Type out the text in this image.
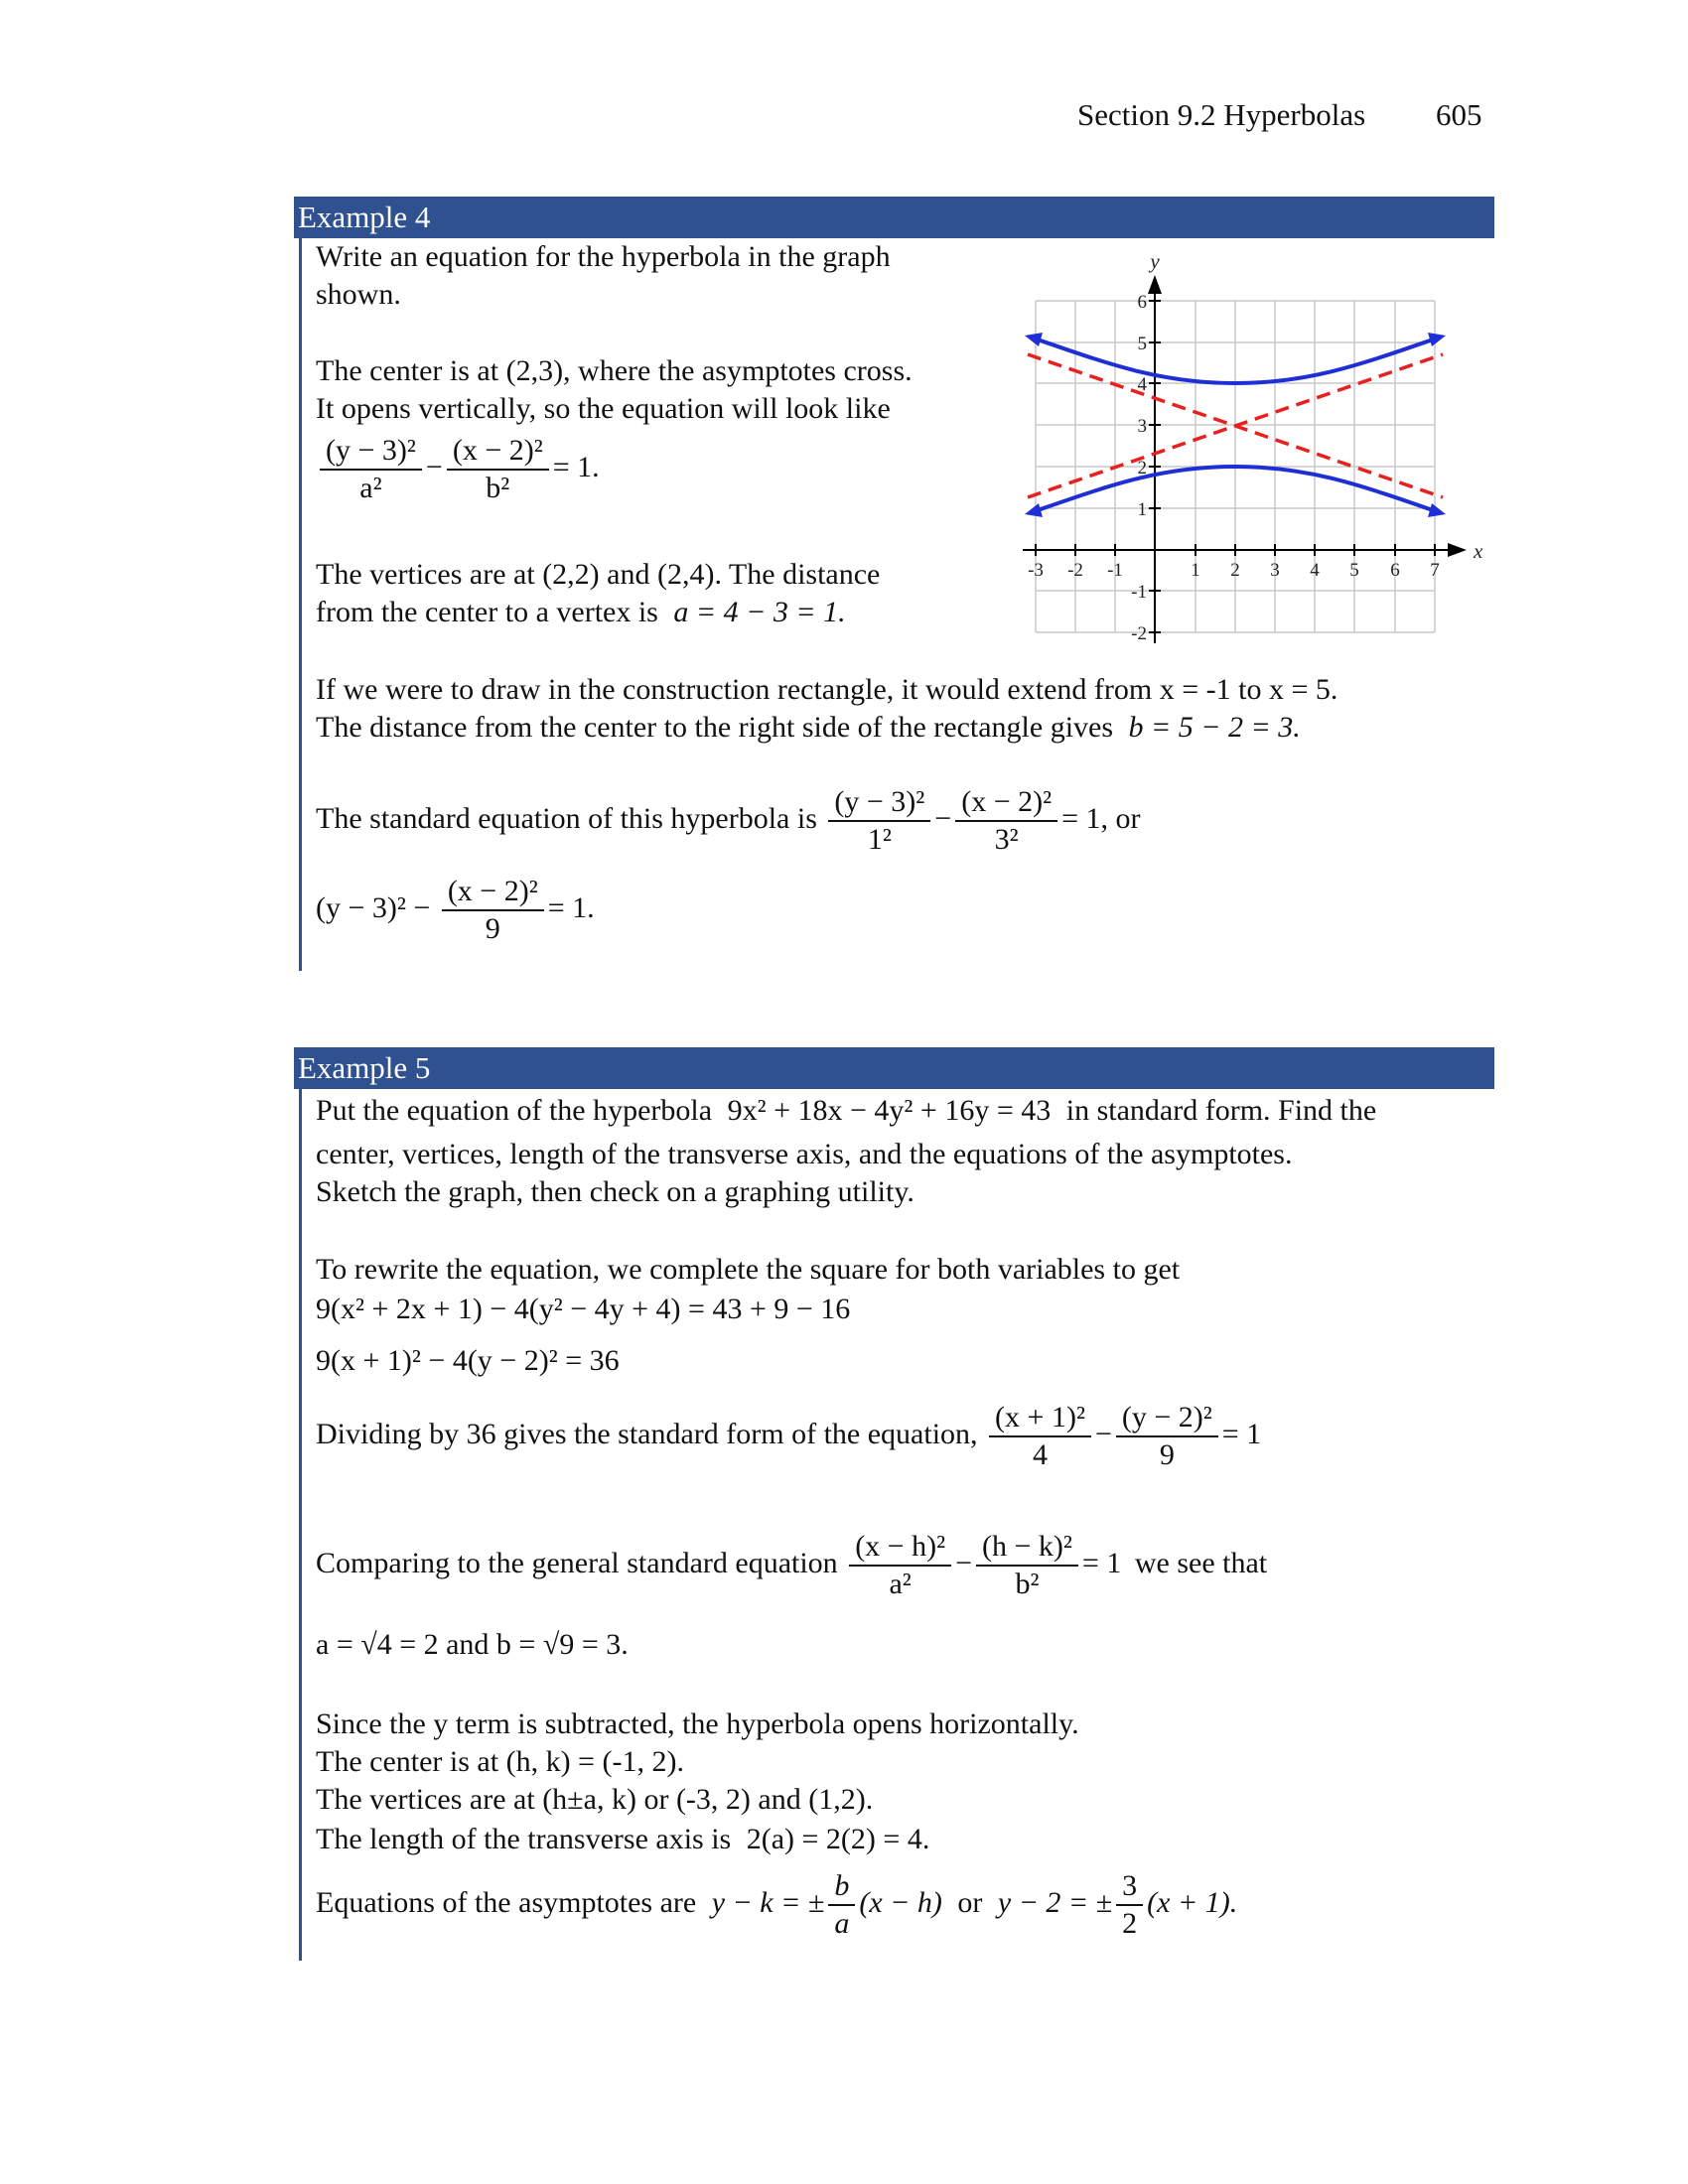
Section 9.2 Hyperbolas 605
Example 4
Write an equation for the hyperbola in the graph
shown.
The center is at (2,3), where the asymptotes cross.
It opens vertically, so the equation will look like
$\frac{\text{(y − 3)²}}{\text{a²}} - \frac{\text{(x − 2)²}}{\text{b²}} = 1$.
The vertices are at (2,2) and (2,4). The distance
from the center to a vertex is a = 4 − 3 = 1.
-3 -2 -1	1 2 3 4 5 6 7
6
5
4
3
2
1
-1
-2
x
y
If we were to draw in the construction rectangle, it would extend from x = -1 to x = 5.
The distance from the center to the right side of the rectangle gives b = 5 − 2 = 3.
The standard equation of this hyperbola is $\frac{\text{(y − 3)²}}{\text{1²}} - \frac{\text{(x − 2)²}}{\text{3²}} = 1$, or
$(y - 3)^2 - \frac{\text{(x − 2)²}}{9} = 1$.
Example 5
Put the equation of the hyperbola 9x² + 18x − 4y² + 16y = 43 in standard form. Find the
center, vertices, length of the transverse axis, and the equations of the asymptotes.
Sketch the graph, then check on a graphing utility.
To rewrite the equation, we complete the square for both variables to get
9(x² + 2x + 1) − 4(y² − 4y + 4) = 43 + 9 − 16
9(x + 1)² − 4(y − 2)² = 36
Dividing by 36 gives the standard form of the equation, $\frac{\text{(x + 1)²}}{4} - \frac{\text{(y − 2)²}}{9} = 1$
Comparing to the general standard equation $\frac{\text{(x − h)²}}{\text{a²}} - \frac{\text{(h − k)²}}{\text{b²}} = 1$ we see that
a = √4 = 2 and b = √9 = 3.
Since the y term is subtracted, the hyperbola opens horizontally.
The center is at (h, k) = (-1, 2).
The vertices are at (h±a, k) or (-3, 2) and (1,2).
The length of the transverse axis is 2(a) = 2(2) = 4.
Equations of the asymptotes are y − k = ± $\frac{b}{a} (x - h)$ or y − 2 = ± $\frac{3}{2} (x + 1)$.
